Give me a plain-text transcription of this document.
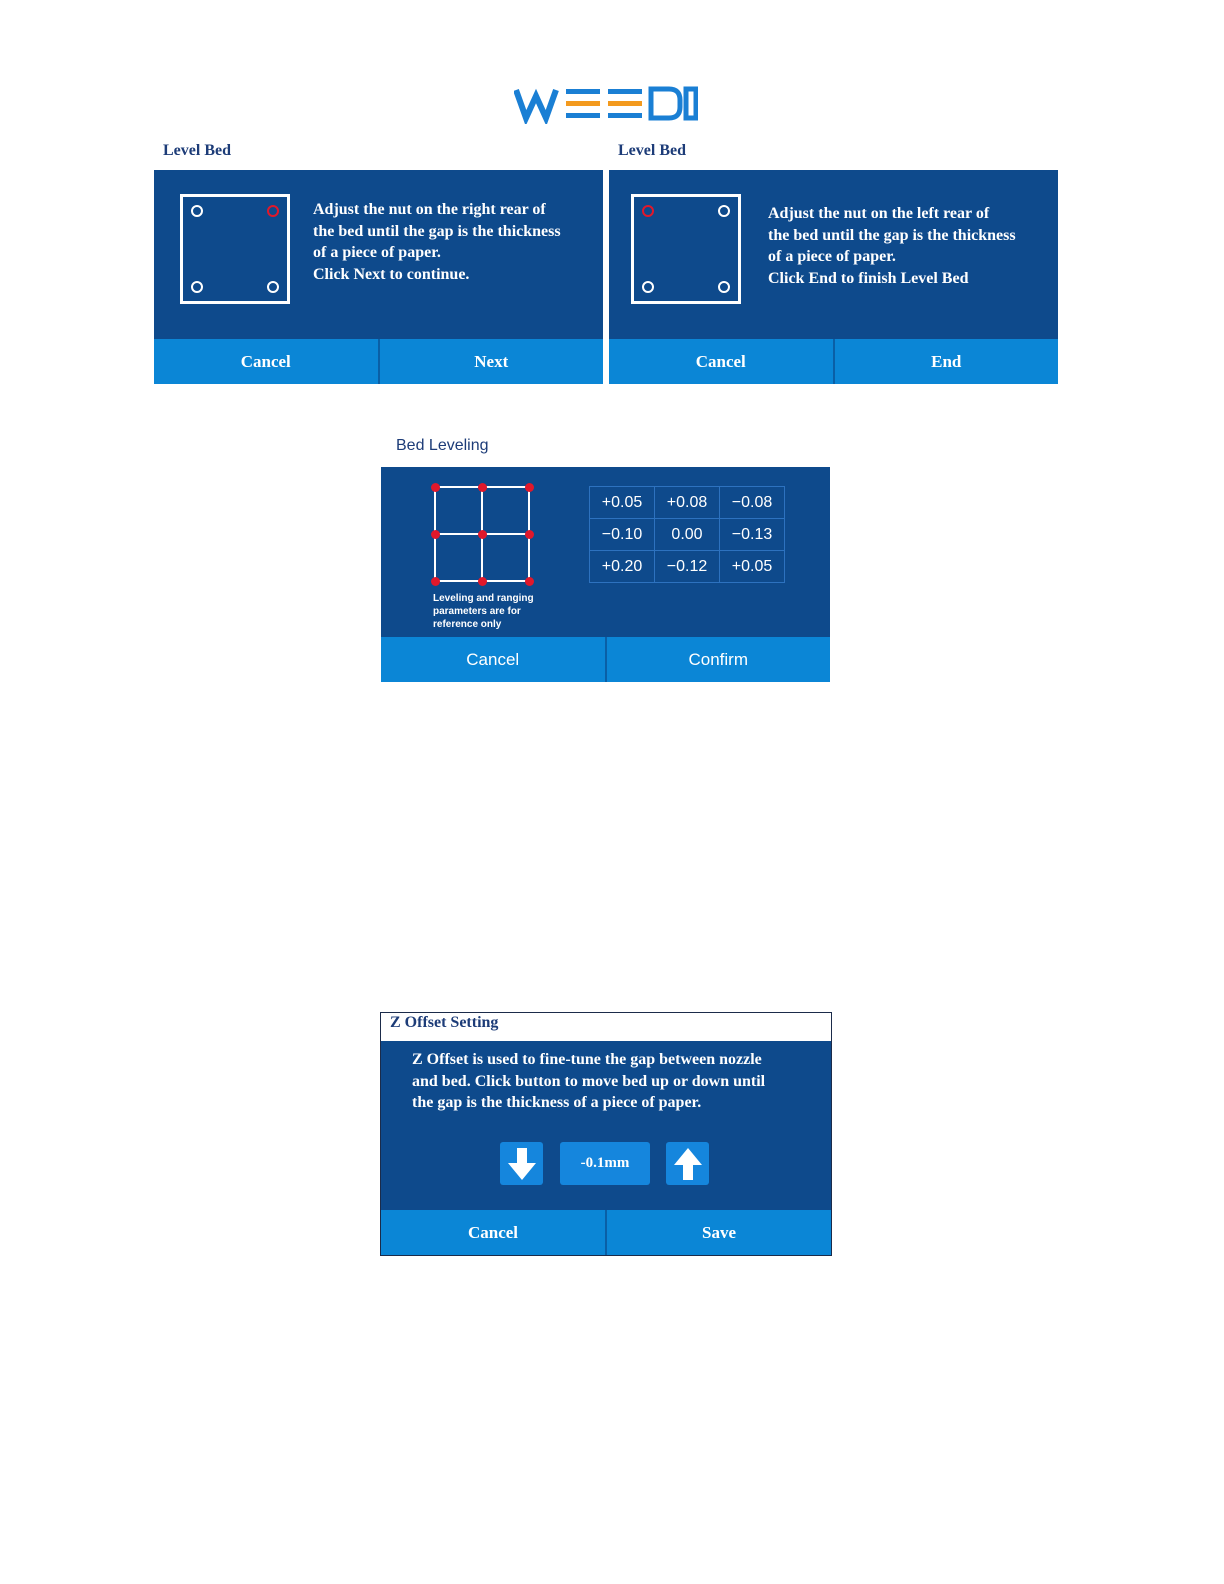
Level Bed

Adjust the nut on the right rear of

the bed until the gap is the thickness

of a piece of paper.

Click Next to continue.

Cancel	Next
Level Bed

Adjust the nut on the left rear of

the bed until the gap is the thickness

of a piece of paper.

Click End to finish Level Bed

Cancel	End
Bed Leveling

Leveling and ranging

parameters are for

reference only

+0.05	+0.08	−0.08
−0.10	0.00	−0.13
+0.20	−0.12	+0.05
Cancel	Confirm
Z Offset Setting

Z Offset is used to fine-tune the gap between nozzle

and bed. Click button to move bed up or down until

the gap is the thickness of a piece of paper.

-0.1mm
Cancel	Save
